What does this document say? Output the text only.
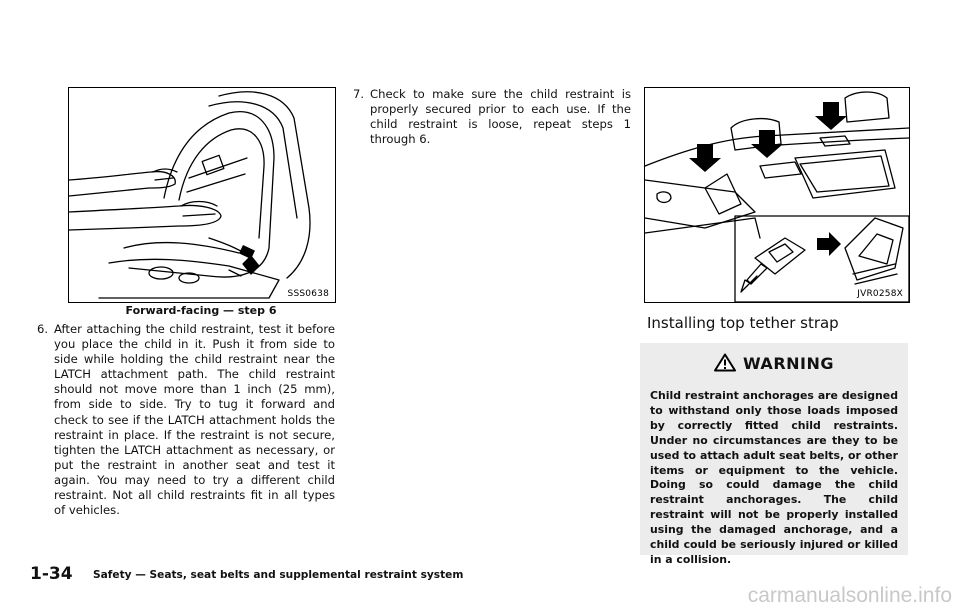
SSS0638
Forward-facing — step 6
6. After attaching the child restraint, test it before you place the child in it. Push it from side to side while holding the child restraint near the LATCH attachment path. The child restraint should not move more than 1 inch (25 mm), from side to side. Try to tug it forward and check to see if the LATCH attachment holds the restraint in place. If the restraint is not secure, tighten the LATCH attachment as necessary, or put the restraint in another seat and test it again. You may need to try a different child restraint. Not all child restraints fit in all types of vehicles.
7. Check to make sure the child restraint is properly secured prior to each use. If the child restraint is loose, repeat steps 1 through 6.
JVR0258X
Installing top tether strap
WARNING
Child restraint anchorages are designed to withstand only those loads imposed by correctly fitted child restraints. Under no circumstances are they to be used to attach adult seat belts, or other items or equipment to the vehicle. Doing so could damage the child restraint anchorages. The child restraint will not be properly installed using the damaged anchorage, and a child could be seriously injured or killed in a collision.
1-34 Safety — Seats, seat belts and supplemental restraint system
carmanualsonline.info
